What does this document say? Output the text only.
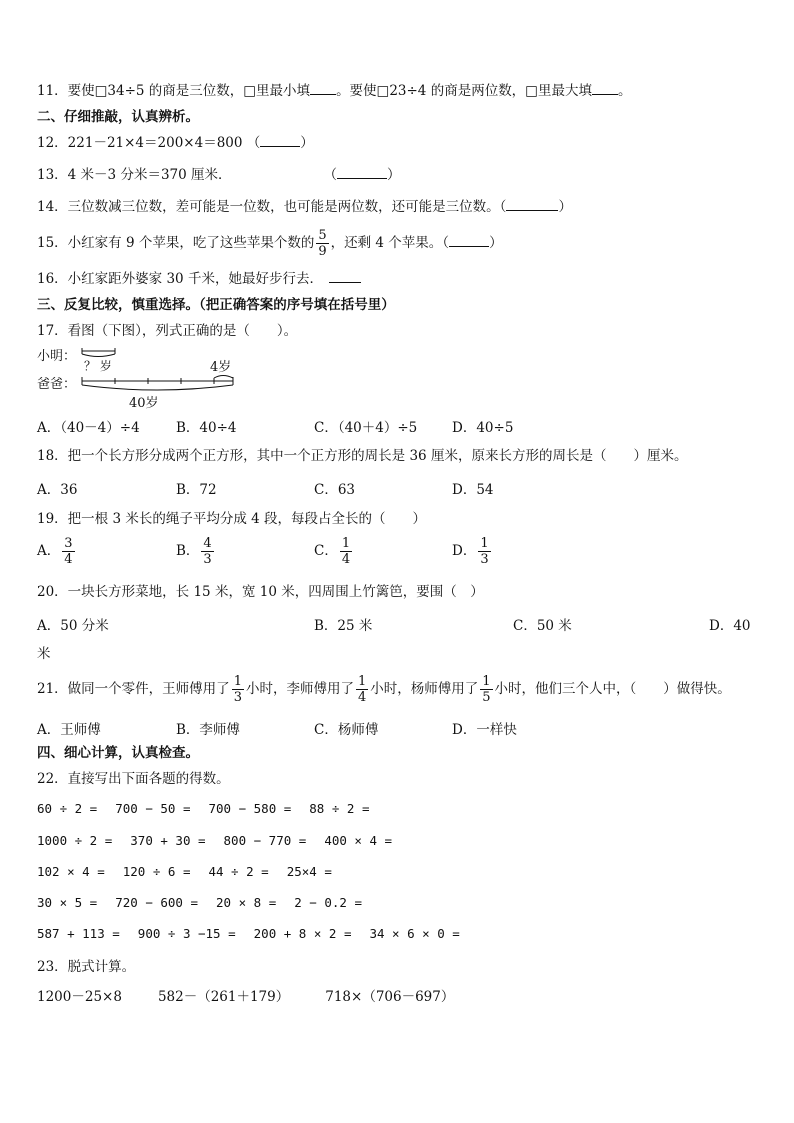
11．要使□34÷5 的商是三位数，□里最小填 。要使□23÷4 的商是两位数，□里最大填 。
二、仔细推敲，认真辨析。
12．221－21×4＝200×4＝800 （	）
13．4 米－3 分米＝370 厘米．	（	）
14．三位数减三位数，差可能是一位数，也可能是两位数，还可能是三位数。（	）
15．小红家有 9 个苹果，吃了这些苹果个数的 $\frac{5}{9}$ ，还剩 4 个苹果。（	）
16．小红家距外婆家 30 千米，她最好步行去．
三、反复比较，慎重选择。（把正确答案的序号填在括号里）
17．看图（下图），列式正确的是（　　）。
小明：
爸爸：
？ 岁	4岁
40岁
A．（40－4）÷4	B．40÷4	C．（40＋4）÷5	D．40÷5
18．把一个长方形分成两个正方形，其中一个正方形的周长是 36 厘米，原来长方形的周长是（　　）厘米。
A．36	B．72	C．63	D．54
19．把一根 3 米长的绳子平均分成 4 段，每段占全长的（　　）
A． $\frac{3}{4}$	B． $\frac{4}{3}$	C． $\frac{1}{4}$	D． $\frac{1}{3}$
20．一块长方形菜地，长 15 米，宽 10 米，四周围上竹篱笆，要围（　）
A．50 分米	B．25 米	C．50 米	D．40
米
21．做同一个零件，王师傅用了 $\frac{1}{3}$ 小时，李师傅用了 $\frac{1}{4}$ 小时，杨师傅用了 $\frac{1}{5}$ 小时，他们三个人中，（　　）做得快。
A．王师傅	B．李师傅	C．杨师傅	D．一样快
四、细心计算，认真检查。
22．直接写出下面各题的得数。
60 ÷ 2 = 700 − 50 = 700 − 580 = 88 ÷ 2 =
1000 ÷ 2 = 370 + 30 = 800 − 770 = 400 × 4 =
102 × 4 = 120 ÷ 6 = 44 ÷ 2 = 25×4 =
30 × 5 = 720 − 600 = 20 × 8 = 2 − 0.2 =
587 + 113 = 900 ÷ 3 −15 = 200 + 8 × 2 = 34 × 6 × 0 =
23．脱式计算。
1200－25×8	582－（261＋179）	718×（706－697）
